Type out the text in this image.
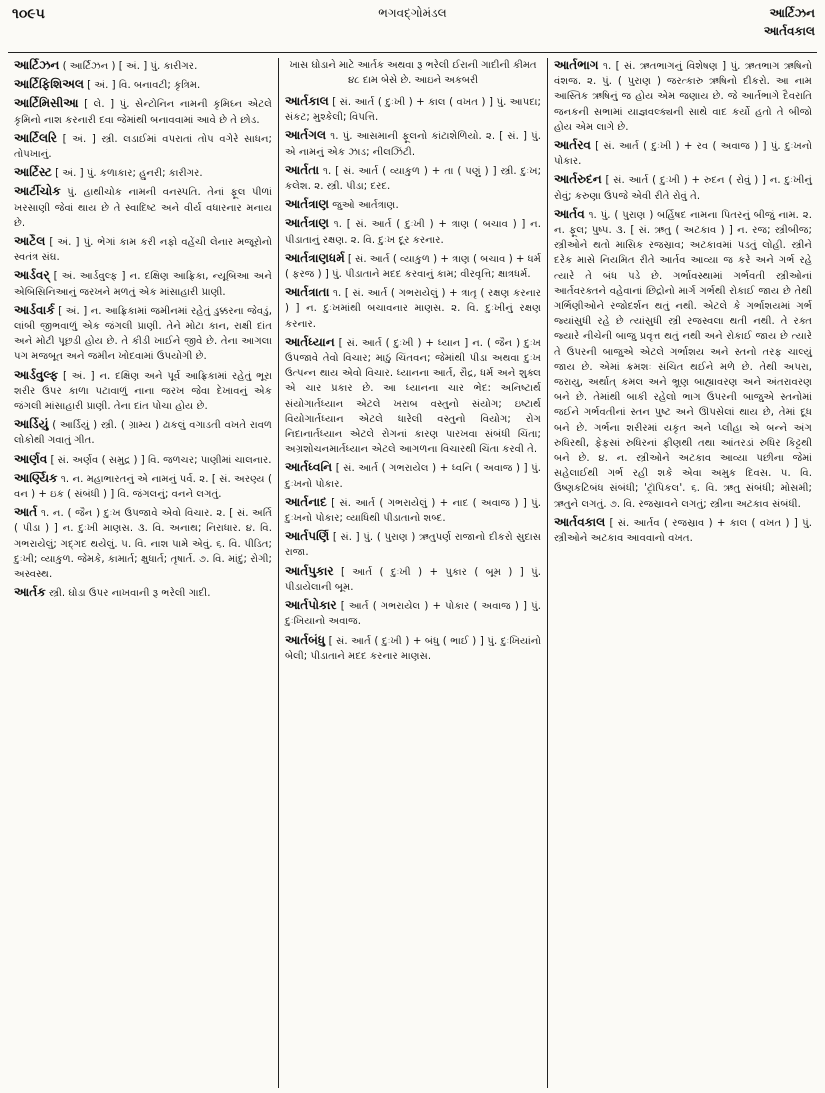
૧૦૯૫	ભગવદ્ગોમંડલ	આર્ટિઝન
આર્તવકાલ
આર્ટિઝન ( આર્ટિઝન ) [ અં. ] પું. કારીગર.
આર્ટિફિશિઅલ [ અં. ] વિ. બનાવટી; કૃત્રિમ.
આર્ટિમિસીઆ [ લે. ] પું. સેન્ટોનિન નામની કૃમિઘ્ન એટલે કૃમિનો નાશ કરનારી દવા જેમાંથી બનાવવામાં આવે છે તે છોડ.
આર્ટિલરિ [ અં. ] સ્ત્રી. લડાઈમાં વપરાતાં તોપ વગેરે સાધન; તોપખાનું.
આર્ટિસ્ટ [ અં. ] પું. કળાકાર; હુનરી; કારીગર.
આર્ટીચોક પું. હાથીચોક નામની વનસ્પતિ. તેનાં ફૂલ પીળાં ખરસાણી જેવાં થાય છે તે સ્વાદિષ્ટ અને વીર્ય વધારનાર મનાય છે.
આર્ટેલ [ અં. ] પું. ભેગાં કામ કરી નફો વહેંચી લેનાર મજૂરોનો સ્વતંત્ર સંઘ.
આર્ડવર્ [ અં. આર્ડવુલ્ફ ] ન. દક્ષિણ આફ્રિકા, ન્યૂબિઆ અને એબિસિનિઆનું જરખને મળતું એક માંસાહારી પ્રાણી.
આર્ડવાર્ક [ અં. ] ન. આફ્રિકામાં જમીનમાં રહેતું ડુક્કરના જેવડું, લાંબી જીભવાળું એક જંગલી પ્રાણી. તેને મોટા કાન, રાક્ષી દાંત અને મોટી પૂછડી હોય છે. તે કીડી ખાઈને જીવે છે. તેના આગલા પગ મજબૂત અને જમીન ખોદવામાં ઉપયોગી છે.
આર્ડવુલ્ફ [ અં. ] ન. દક્ષિણ અને પૂર્વ આફ્રિકામાં રહેતું ભૂરા શરીર ઉપર કાળા પટાવાળું નાના જરખ જેવા દેખાવનું એક જંગલી માંસાહારી પ્રાણી. તેના દાંત પોચા હોય છે.
આર્ડિયું ( આર્ડિયું ) સ્ત્રી. ( ગ્રામ્ય ) ઢાકલું વગાડતી વખતે રાવળ લોકોથી ગવાતું ગીત.
આર્ણવ [ સં. અર્ણવ ( સમુદ્ર ) ] વિ. જળચર; પાણીમાં ચાલનાર.
આર્ણ્યિક ૧. ન. મહાભારતનું એ નામનું પર્વ. ૨. [ સં. અરણ્ય ( વન ) + ઇક ( સંબંધી ) ] વિ. જંગલનું; વનને લગતું.
આર્ત ૧. ન. ( જૈન ) દુઃખ ઉપજાવે એવો વિચાર. ૨. [ સં. અર્તિ ( પીડા ) ] ન. દુઃખી માણસ. ૩. વિ. અનાથ; નિરાધાર. ૪. વિ. ગભરાયેલું; ગદ્ગદ થયેલું. ૫. વિ. નાશ પામે એવું. ૬. વિ. પીડિત; દુઃખી; વ્યાકુળ. જેમકે, કામાર્ત; ક્ષુધાર્ત; તૃષાર્ત. ૭. વિ. માંદું; રોગી; અસ્વસ્થ.
આર્તક સ્ત્રી. ઘોડા ઉપર નાખવાની રૂ ભરેલી ગાદી.
ખાસ ઘોડાને માટે આર્તક અથવા રૂ ભરેલી ઈરાની ગાદીની કીમત ૪૮ દામ બેસે છે. આઇને અકબરી
આર્તકાલ [ સં. આર્ત ( દુઃખી ) + કાલ ( વખત ) ] પું. આપદા; સંકટ; મુશ્કેલી; વિપત્તિ.
આર્તગલ ૧. પું. આસમાની ફૂલનો કાંટાશેળિયો. ૨. [ સં. ] પું. એ નામનું એક ઝાડ; નીલઝિંટી.
આર્તતા ૧. [ સં. આર્ત ( વ્યાકુળ ) + તા ( પણું ) ] સ્ત્રી. દુઃખ; કલેશ. ૨. સ્ત્રી. પીડા; દરદ.
આર્તત્રાણ જુઓ આર્તત્રાણ.
આર્તત્રાણ ૧. [ સં. આર્ત ( દુઃખી ) + ત્રાણ ( બચાવ ) ] ન. પીડાતાનું રક્ષણ. ૨. વિ. દુઃખ દૂર કરનાર.
આર્તત્રાણધર્મ [ સં. આર્ત ( વ્યાકુળ ) + ત્રાણ ( બચાવ ) + ધર્મ ( ફરજ ) ] પું. પીડાતાને મદદ કરવાનું કામ; વીરવૃત્તિ; ક્ષાત્રધર્મ.
આર્તત્રાતા ૧. [ સં. આર્ત ( ગભરાયેલું ) + ત્રાતૃ ( રક્ષણ કરનાર ) ] ન. દુઃખમાંથી બચાવનાર માણસ. ૨. વિ. દુઃખીનું રક્ષણ કરનાર.
આર્તધ્યાન [ સં. આર્ત ( દુઃખી ) + ધ્યાન ] ન. ( જૈન ) દુઃખ ઉપજાવે તેવો વિચાર; માઠું ચિંતવન; જેમાંથી પીડા અથવા દુઃખ ઉત્પન્ન થાય એવો વિચાર. ધ્યાનના આર્ત, રૌદ્ર, ધર્મ અને શુક્લ એ ચાર પ્રકાર છે. આ ધ્યાનના ચાર ભેદ: અનિષ્ટાર્થ સંયોગાર્તધ્યાન એટલે ખરાબ વસ્તુનો સંયોગ; ઇષ્ટાર્થ વિયોગાર્તધ્યાન એટલે ધારેલી વસ્તુનો વિયોગ; રોગ નિદાનાર્તધ્યાન એટલે રોગનાં કારણ પારખવા સંબંધી ચિંતા; અગ્રશોચનમાર્તધ્યાન એટલે આગળના વિચારથી ચિંતા કરવી તે.
આર્તધ્વનિ [ સં. આર્ત ( ગભરાયેલ ) + ધ્વનિ ( અવાજ ) ] પું. દુઃખનો પોકાર.
આર્તનાદ [ સં. આર્ત ( ગભરાયેલું ) + નાદ ( અવાજ ) ] પું. દુઃખનો પોકાર; વ્યાધિથી પીડાતાનો શબ્દ.
આર્તપર્ણિ [ સં. ] પું. ( પુરાણ ) ઋતુપર્ણ રાજાનો દીકરો સુદાસ રાજા.
આર્તપુકાર [ આર્ત ( દુઃખી ) + પુકાર ( બૂમ ) ] પું. પીડાયેલાની બૂમ.
આર્તપોકાર [ આર્ત ( ગભરાયેલ ) + પોકાર ( અવાજ ) ] પું. દુઃખિયાનો અવાજ.
આર્તબંધુ [ સં. આર્ત ( દુઃખી ) + બંધુ ( ભાઈ ) ] પું. દુઃખિયાંનો બેલી; પીડાતાને મદદ કરનાર માણસ.
આર્તભાગ ૧. [ સં. ઋતભાગનું વિશેષણ ] પું. ઋતભાગ ઋષિનો વંશજ. ૨. પું. ( પુરાણ ) જરત્કારુ ઋષિનો દીકરો. આ નામ આસ્તિક ઋષિનું જ હોય એમ જણાય છે. જે આર્તભાગે દૈવરાતિ જનકની સભામાં યાજ્ઞવલ્ક્યની સાથે વાદ કર્યો હતો તે બીજો હોય એમ લાગે છે.
આર્તરવ [ સં. આર્ત ( દુઃખી ) + રવ ( અવાજ ) ] પું. દુઃખનો પોકાર.
આર્તરુદન [ સં. આર્ત ( દુઃખી ) + રુદન ( રોવું ) ] ન. દુઃખીનું રોવું; કરુણા ઉપજે એવી રીતે રોવું તે.
આર્તવ ૧. પું. ( પુરાણ ) બર્હિષદ નામના પિતરનું બીજું નામ. ૨. ન. ફૂલ; પુષ્પ. ૩. [ સં. ઋતુ ( અટકાવ ) ] ન. રજ; સ્ત્રીબીજ; સ્ત્રીઓને થતો માસિક રજસ્રાવ; અટકાવમાં પડતું લોહી. સ્ત્રીને દરેક માસે નિયમિત રીતે આર્તવ આવ્યા જ કરે અને ગર્ભ રહે ત્યારે તે બંધ પડે છે. ગર્ભાવસ્થામાં ગર્ભવતી સ્ત્રીઓનાં આર્તવરક્તને વહેવાનાં છિદ્રોનો માર્ગ ગર્ભથી રોકાઈ જાય છે તેથી ગર્ભિણીઓને રજોદર્શન થતું નથી. એટલે કે ગર્ભાશયમાં ગર્ભ જ્યાંસુધી રહે છે ત્યાંસુધી સ્ત્રી રજસ્વલા થતી નથી. તે રક્ત જ્યારે નીચેની બાજુ પ્રવૃત્ત થતું નથી અને રોકાઈ જાય છે ત્યારે તે ઉપરની બાજુએ એટલે ગર્ભાશય અને સ્તનો તરફ ચાલ્યું જાય છે. એમાં ક્રમશઃ સંચિત થઈને મળે છે. તેથી અપરા, જરાયુ, અર્થાત્ કમલ અને ભ્રૂણ બાહ્યાવરણ અને અંતરાવરણ બને છે. તેમાંથી બાકી રહેલો ભાગ ઉપરની બાજુએ સ્તનોમાં જઈને ગર્ભવતીનાં સ્તન પુષ્ટ અને ઊપસેલાં થાય છે, તેમાં દૂધ બને છે. ગર્ભના શરીરમાં યકૃત અને પ્લીહા એ બન્ને અંગ રુધિરથી, ફેફસાં રુધિરનાં ફીણથી તથા આંતરડાં રુધિર કિટ્ટથી બને છે. ૪. ન. સ્ત્રીઓને અટકાવ આવ્યા પછીના જેમાં સહેલાઈથી ગર્ભ રહી શકે એવા અમુક દિવસ. ૫. વિ. ઉષ્ણકટિબંધ સંબંધી; 'ટ્રૉપિકલ'. ૬. વિ. ઋતુ સંબંધી; મોસમી; ઋતુને લગતું. ૭. વિ. રજસ્રાવને લગતું; સ્ત્રીના અટકાવ સંબંધી.
આર્તવકાલ [ સં. આર્તવ ( રજસ્રાવ ) + કાલ ( વખત ) ] પું. સ્ત્રીઓને અટકાવ આવવાનો વખત.
